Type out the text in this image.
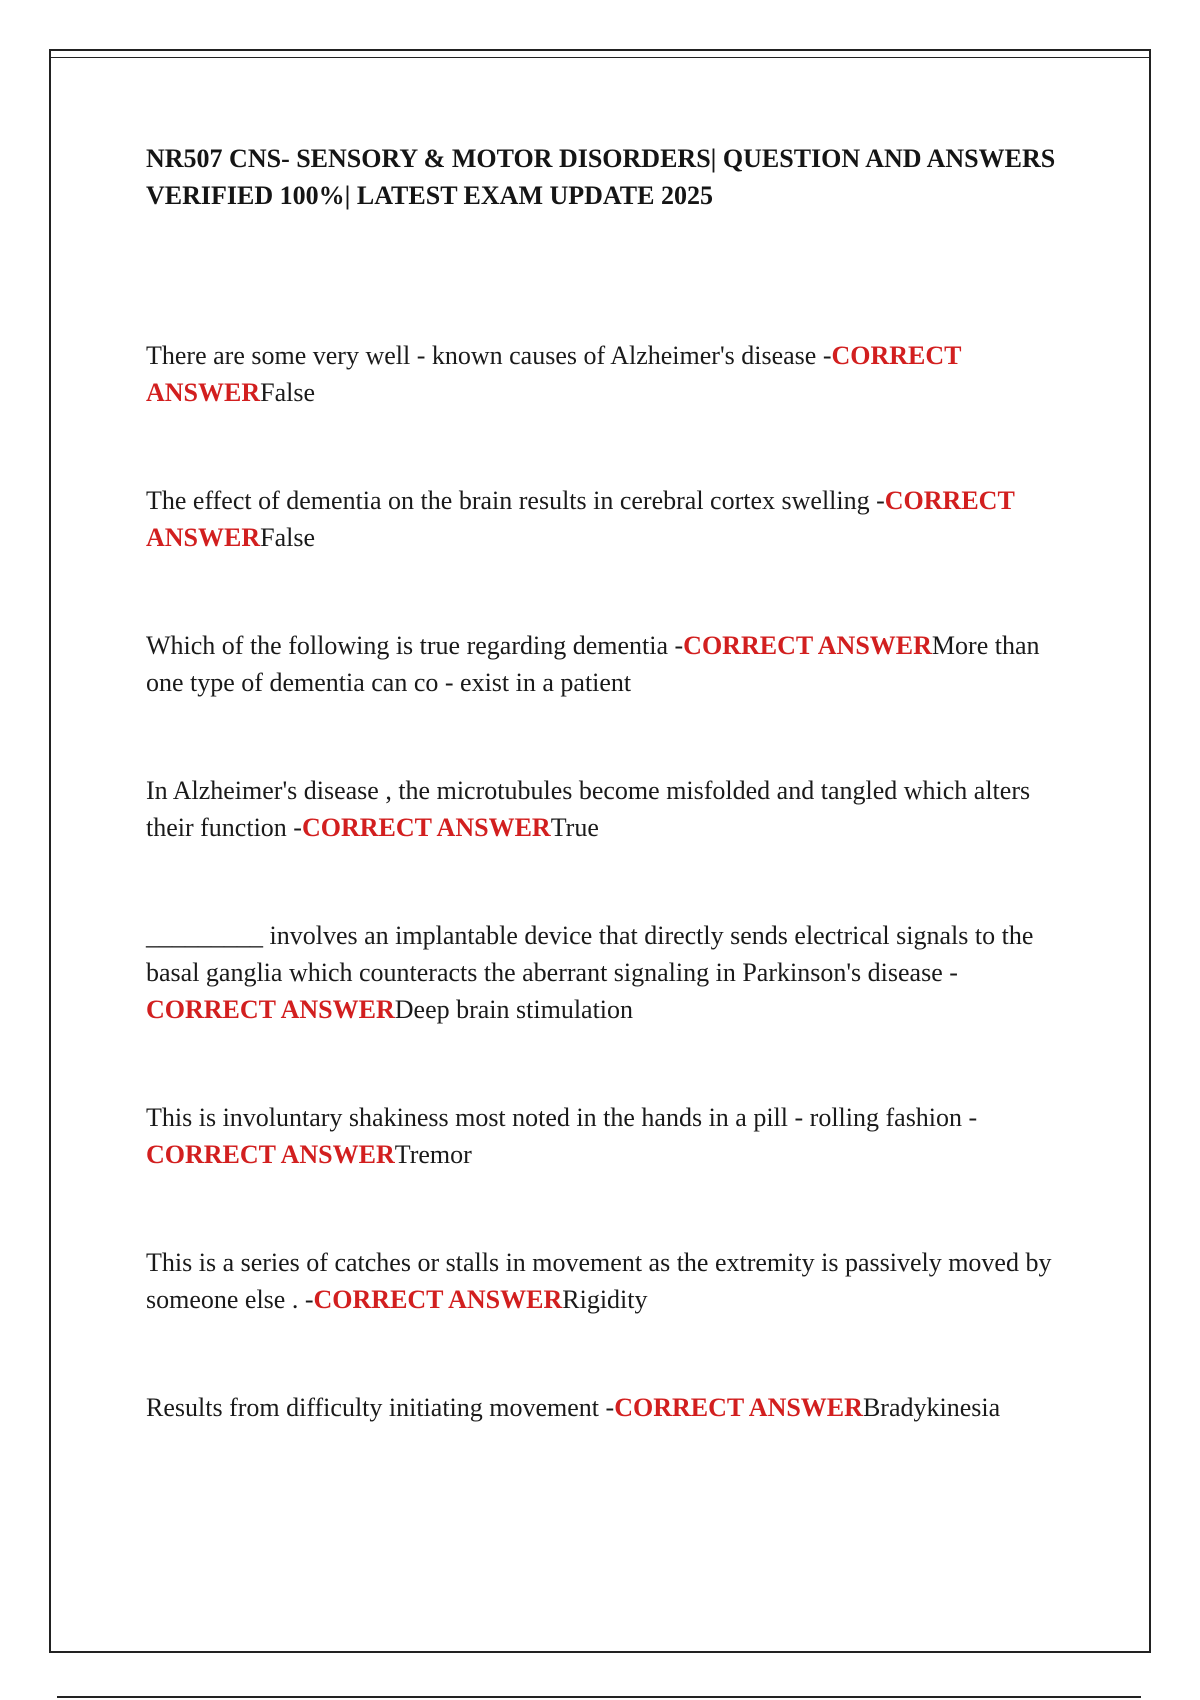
NR507 CNS- SENSORY & MOTOR DISORDERS| QUESTION AND ANSWERS VERIFIED 100%| LATEST EXAM UPDATE 2025

There are some very well - known causes of Alzheimer's disease -CORRECT ANSWERFalse

The effect of dementia on the brain results in cerebral cortex swelling -CORRECT ANSWERFalse

Which of the following is true regarding dementia -CORRECT ANSWERMore than one type of dementia can co - exist in a patient

In Alzheimer's disease , the microtubules become misfolded and tangled which alters their function -CORRECT ANSWERTrue

_________ involves an implantable device that directly sends electrical signals to the basal ganglia which counteracts the aberrant signaling in Parkinson's disease -CORRECT ANSWERDeep brain stimulation

This is involuntary shakiness most noted in the hands in a pill - rolling fashion -CORRECT ANSWERTremor

This is a series of catches or stalls in movement as the extremity is passively moved by someone else . -CORRECT ANSWERRigidity

Results from difficulty initiating movement -CORRECT ANSWERBradykinesia
